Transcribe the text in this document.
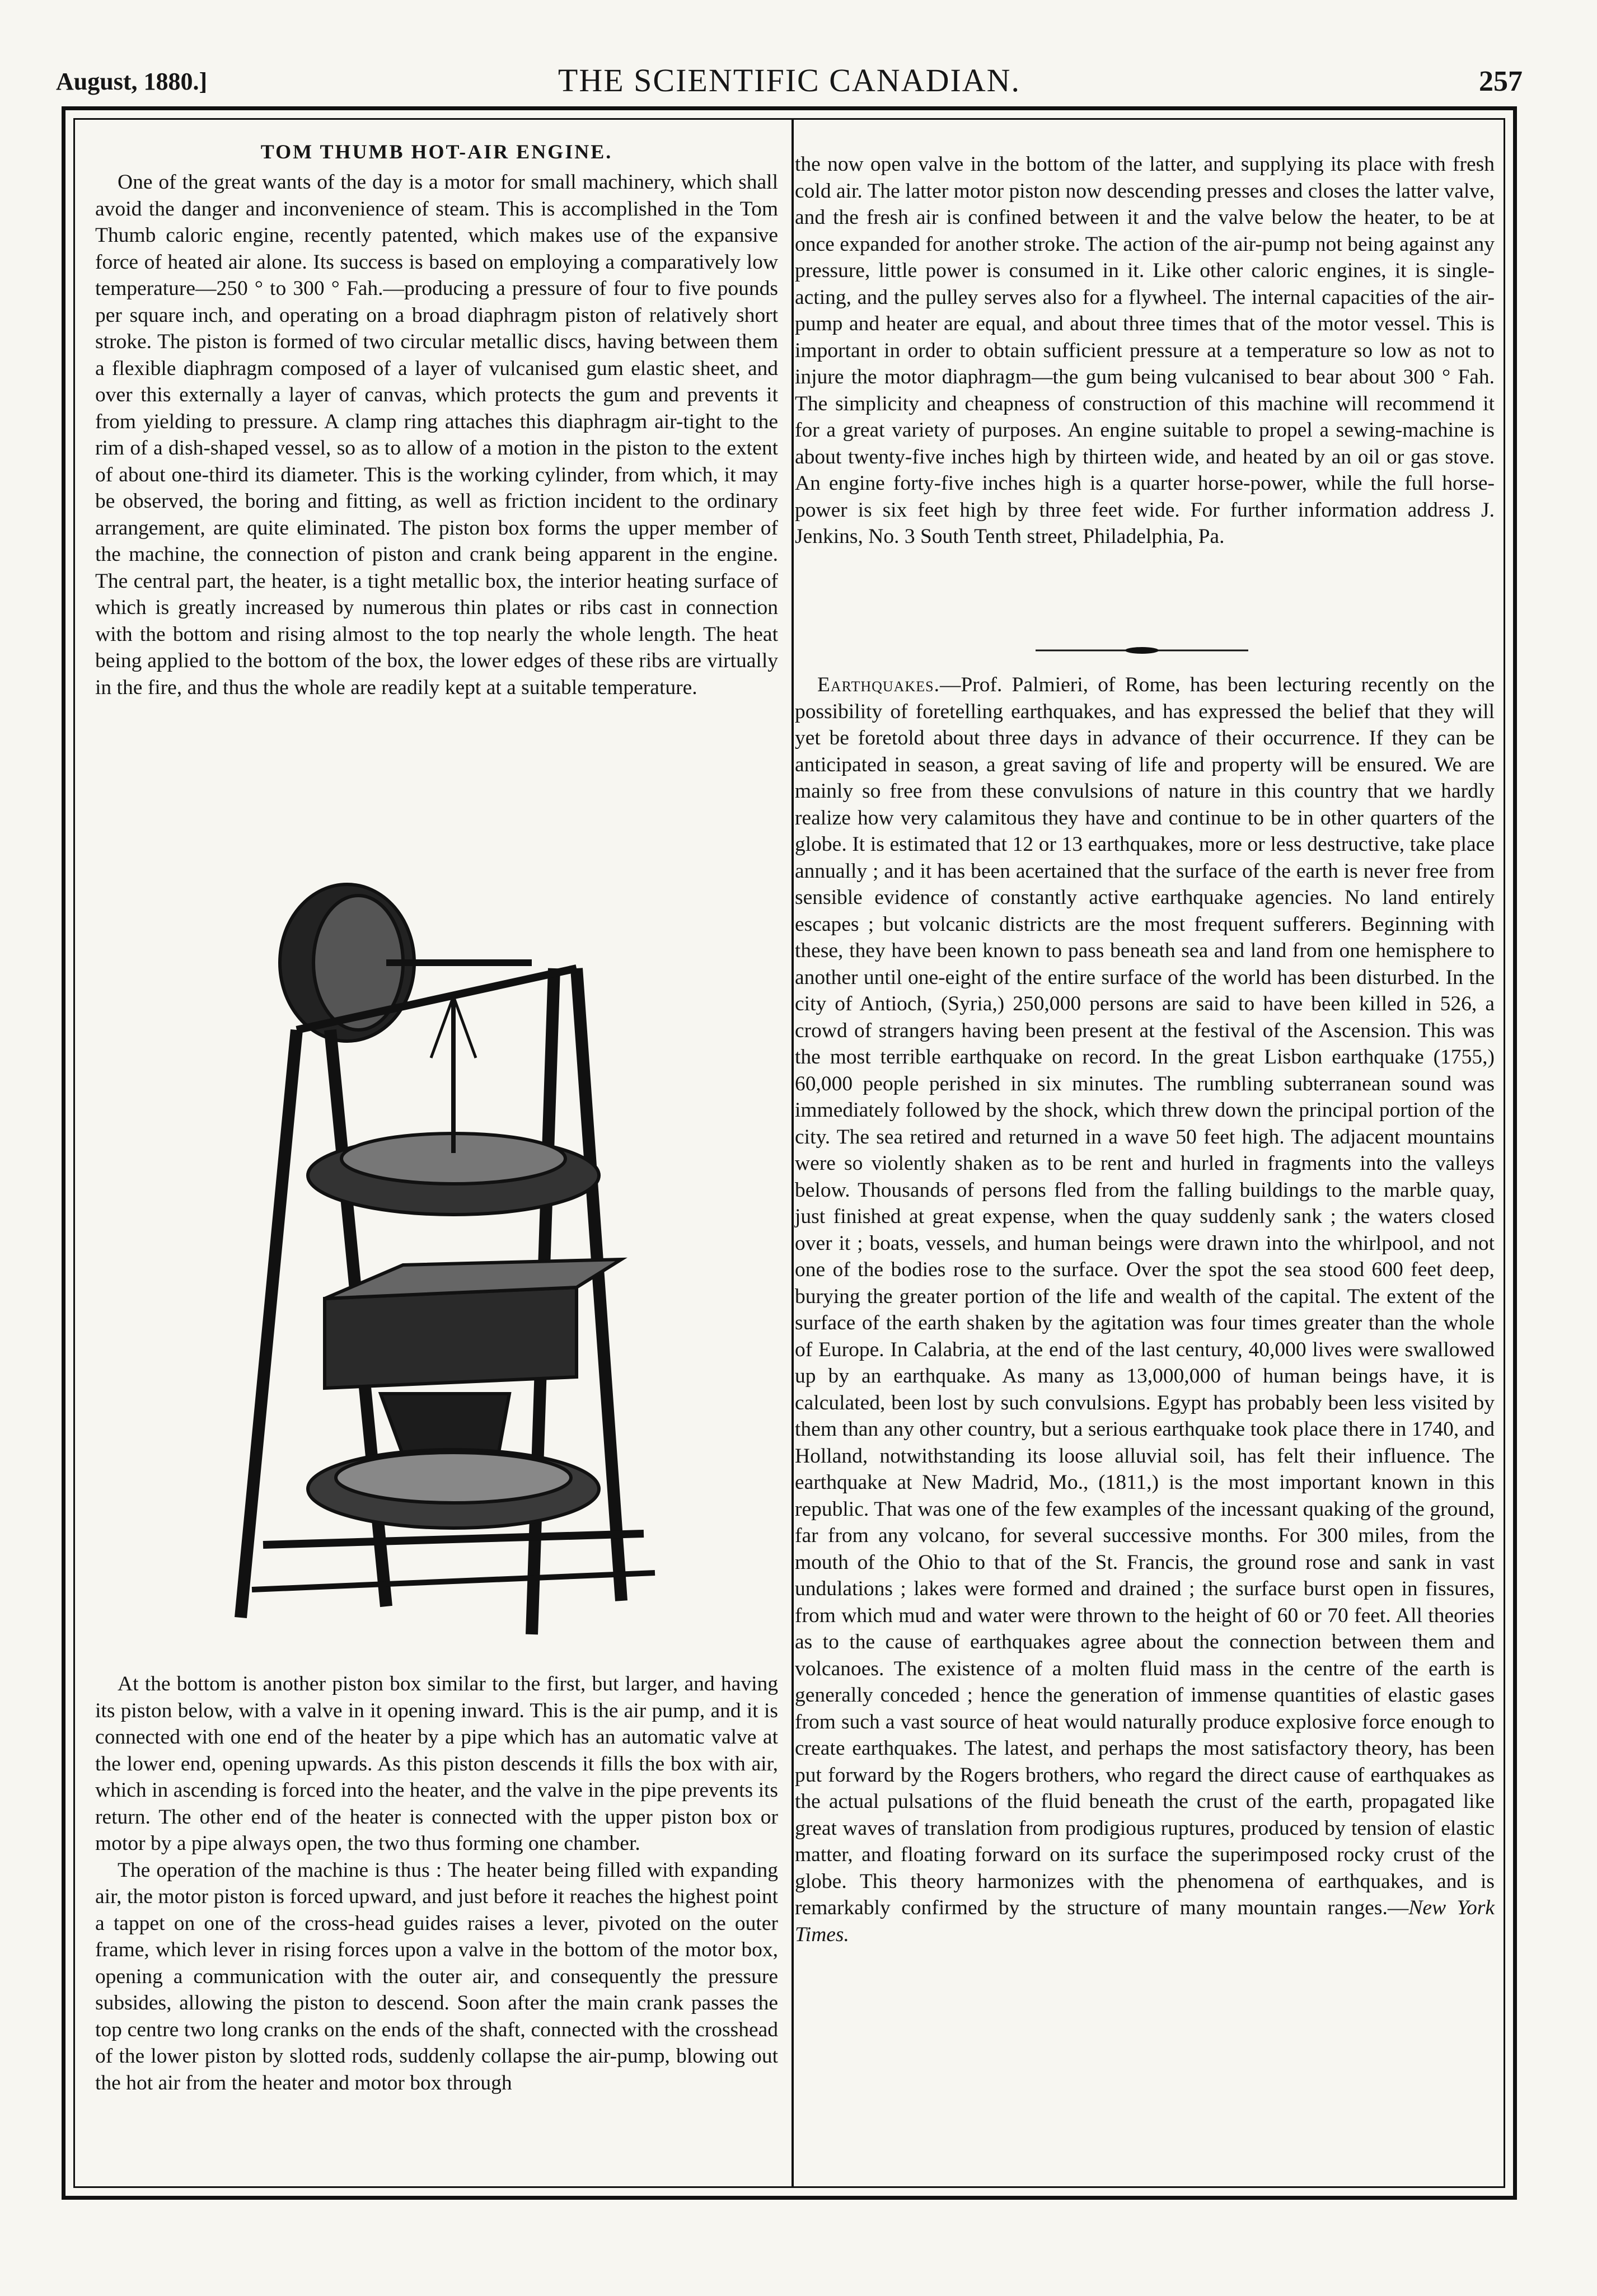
August, 1880.]	THE SCIENTIFIC CANADIAN.	257
TOM THUMB HOT-AIR ENGINE.

One of the great wants of the day is a motor for small machinery, which shall avoid the danger and inconvenience of steam. This is accomplished in the Tom Thumb caloric engine, recently patented, which makes use of the expansive force of heated air alone. Its success is based on employing a comparatively low temperature—250 ° to 300 ° Fah.—producing a pressure of four to five pounds per square inch, and operating on a broad diaphragm piston of relatively short stroke. The piston is formed of two circular metallic discs, having between them a flexible diaphragm composed of a layer of vulcanised gum elastic sheet, and over this externally a layer of canvas, which protects the gum and prevents it from yielding to pressure. A clamp ring attaches this diaphragm air-tight to the rim of a dish-shaped vessel, so as to allow of a motion in the piston to the extent of about one-third its diameter. This is the working cylinder, from which, it may be observed, the boring and fitting, as well as friction incident to the ordinary arrangement, are quite eliminated. The piston box forms the upper member of the machine, the connection of piston and crank being apparent in the engine. The central part, the heater, is a tight metallic box, the interior heating surface of which is greatly increased by numerous thin plates or ribs cast in connection with the bottom and rising almost to the top nearly the whole length. The heat being applied to the bottom of the box, the lower edges of these ribs are virtually in the fire, and thus the whole are readily kept at a suitable temperature.

At the bottom is another piston box similar to the first, but larger, and having its piston below, with a valve in it opening inward. This is the air pump, and it is connected with one end of the heater by a pipe which has an automatic valve at the lower end, opening upwards. As this piston descends it fills the box with air, which in ascending is forced into the heater, and the valve in the pipe prevents its return. The other end of the heater is connected with the upper piston box or motor by a pipe always open, the two thus forming one chamber.

The operation of the machine is thus : The heater being filled with expanding air, the motor piston is forced upward, and just before it reaches the highest point a tappet on one of the cross-head guides raises a lever, pivoted on the outer frame, which lever in rising forces upon a valve in the bottom of the motor box, opening a communication with the outer air, and consequently the pressure subsides, allowing the piston to descend. Soon after the main crank passes the top centre two long cranks on the ends of the shaft, connected with the crosshead of the lower piston by slotted rods, suddenly collapse the air-pump, blowing out the hot air from the heater and motor box through

the now open valve in the bottom of the latter, and supplying its place with fresh cold air. The latter motor piston now descending presses and closes the latter valve, and the fresh air is confined between it and the valve below the heater, to be at once expanded for another stroke. The action of the air-pump not being against any pressure, little power is consumed in it. Like other caloric engines, it is single-acting, and the pulley serves also for a flywheel. The internal capacities of the air-pump and heater are equal, and about three times that of the motor vessel. This is important in order to obtain sufficient pressure at a temperature so low as not to injure the motor diaphragm—the gum being vulcanised to bear about 300 ° Fah. The simplicity and cheapness of construction of this machine will recommend it for a great variety of purposes. An engine suitable to propel a sewing-machine is about twenty-five inches high by thirteen wide, and heated by an oil or gas stove. An engine forty-five inches high is a quarter horse-power, while the full horse-power is six feet high by three feet wide. For further information address J. Jenkins, No. 3 South Tenth street, Philadelphia, Pa.

Earthquakes.—Prof. Palmieri, of Rome, has been lecturing recently on the possibility of foretelling earthquakes, and has expressed the belief that they will yet be foretold about three days in advance of their occurrence. If they can be anticipated in season, a great saving of life and property will be ensured. We are mainly so free from these convulsions of nature in this country that we hardly realize how very calamitous they have and continue to be in other quarters of the globe. It is estimated that 12 or 13 earthquakes, more or less destructive, take place annually ; and it has been acertained that the surface of the earth is never free from sensible evidence of constantly active earthquake agencies. No land entirely escapes ; but volcanic districts are the most frequent sufferers. Beginning with these, they have been known to pass beneath sea and land from one hemisphere to another until one-eight of the entire surface of the world has been disturbed. In the city of Antioch, (Syria,) 250,000 persons are said to have been killed in 526, a crowd of strangers having been present at the festival of the Ascension. This was the most terrible earthquake on record. In the great Lisbon earthquake (1755,) 60,000 people perished in six minutes. The rumbling subterranean sound was immediately followed by the shock, which threw down the principal portion of the city. The sea retired and returned in a wave 50 feet high. The adjacent mountains were so violently shaken as to be rent and hurled in fragments into the valleys below. Thousands of persons fled from the falling buildings to the marble quay, just finished at great expense, when the quay suddenly sank ; the waters closed over it ; boats, vessels, and human beings were drawn into the whirlpool, and not one of the bodies rose to the surface. Over the spot the sea stood 600 feet deep, burying the greater portion of the life and wealth of the capital. The extent of the surface of the earth shaken by the agitation was four times greater than the whole of Europe. In Calabria, at the end of the last century, 40,000 lives were swallowed up by an earthquake. As many as 13,000,000 of human beings have, it is calculated, been lost by such convulsions. Egypt has probably been less visited by them than any other country, but a serious earthquake took place there in 1740, and Holland, notwithstanding its loose alluvial soil, has felt their influence. The earthquake at New Madrid, Mo., (1811,) is the most important known in this republic. That was one of the few examples of the incessant quaking of the ground, far from any volcano, for several successive months. For 300 miles, from the mouth of the Ohio to that of the St. Francis, the ground rose and sank in vast undulations ; lakes were formed and drained ; the surface burst open in fissures, from which mud and water were thrown to the height of 60 or 70 feet. All theories as to the cause of earthquakes agree about the connection between them and volcanoes. The existence of a molten fluid mass in the centre of the earth is generally conceded ; hence the generation of immense quantities of elastic gases from such a vast source of heat would naturally produce explosive force enough to create earthquakes. The latest, and perhaps the most satisfactory theory, has been put forward by the Rogers brothers, who regard the direct cause of earthquakes as the actual pulsations of the fluid beneath the crust of the earth, propagated like great waves of translation from prodigious ruptures, produced by tension of elastic matter, and floating forward on its surface the superimposed rocky crust of the globe. This theory harmonizes with the phenomena of earthquakes, and is remarkably confirmed by the structure of many mountain ranges.—New York Times.
